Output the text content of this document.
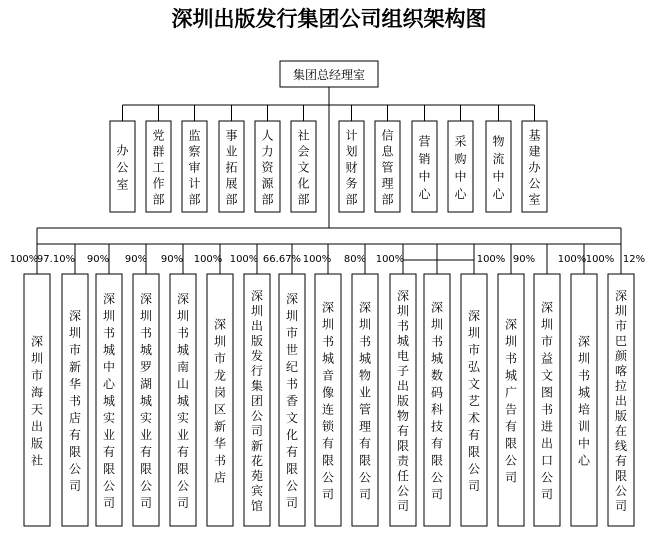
深圳出版发行集团公司组织架构图
集团总经理室
办公室
党群工作部
监察审计部
事业拓展部
人力资源部
社会文化部
计划财务部
信息管理部
营销中心
采购中心
物流中心
基建办公室
深圳市海天出版社
深圳市新华书店有限公司
深圳书城中心城实业有限公司
深圳书城罗湖城实业有限公司
深圳书城南山城实业有限公司
深圳市龙岗区新华书店
深圳出版发行集团公司新花苑宾馆
深圳市世纪书香文化有限公司
深圳书城音像连锁有限公司
深圳书城物业管理有限公司
深圳书城电子出版物有限责任公司
深圳书城数码科技有限公司
深圳市弘文艺术有限公司
深圳书城广告有限公司
深圳市益文图书进出口公司
深圳书城培训中心
深圳市巴颜喀拉出版在线有限公司
100%
97.10% 90% 90% 90% 100% 100% 66.67% 100% 80% 100%	100% 90% 100% 100% 12%
